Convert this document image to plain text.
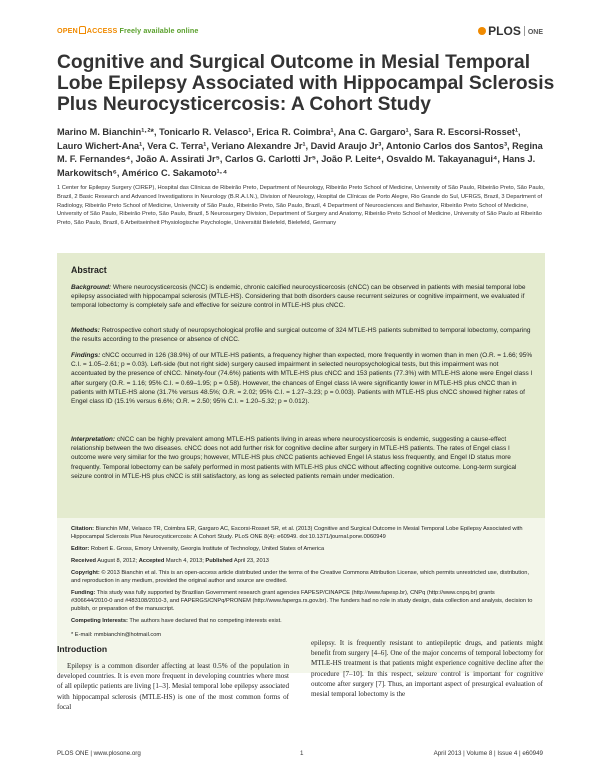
OPEN ACCESS Freely available online	PLOS ONE
Cognitive and Surgical Outcome in Mesial Temporal Lobe Epilepsy Associated with Hippocampal Sclerosis Plus Neurocysticercosis: A Cohort Study
Marino M. Bianchin¹·²*, Tonicarlo R. Velasco¹, Erica R. Coimbra¹, Ana C. Gargaro¹, Sara R. Escorsi-Rosset¹, Lauro Wichert-Ana¹, Vera C. Terra¹, Veriano Alexandre Jr¹, David Araujo Jr³, Antonio Carlos dos Santos³, Regina M. F. Fernandes⁴, João A. Assirati Jr⁵, Carlos G. Carlotti Jr⁵, João P. Leite⁴, Osvaldo M. Takayanagui⁴, Hans J. Markowitsch⁶, Américo C. Sakamoto¹·⁴
1 Center for Epilepsy Surgery (CIREP), Hospital das Clínicas de Ribeirão Preto, Department of Neurology, Ribeirão Preto School of Medicine, University of São Paulo, Ribeirão Preto, São Paulo, Brazil, 2 Basic Research and Advanced Investigations in Neurology (B.R.A.I.N.), Division of Neurology, Hospital de Clínicas de Porto Alegre, Rio Grande do Sul, UFRGS, Brazil, 3 Department of Radiology, Ribeirão Preto School of Medicine, University of São Paulo, Ribeirão Preto, São Paulo, Brazil, 4 Department of Neurosciences and Behavior, Ribeirão Preto School of Medicine, University of São Paulo, Ribeirão Preto, São Paulo, Brazil, 5 Neurosurgery Division, Department of Surgery and Anatomy, Ribeirão Preto School of Medicine, University of São Paulo at Ribeirão Preto, São Paulo, Brazil, 6 Arbeitseinheit Physiologische Psychologie, Universität Bielefeld, Bielefeld, Germany
Abstract
Background: Where neurocysticercosis (NCC) is endemic, chronic calcified neurocysticercosis (cNCC) can be observed in patients with mesial temporal lobe epilepsy associated with hippocampal sclerosis (MTLE-HS). Considering that both disorders cause recurrent seizures or cognitive impairment, we evaluated if temporal lobectomy is completely safe and effective for seizure control in MTLE-HS plus cNCC.
Methods: Retrospective cohort study of neuropsychological profile and surgical outcome of 324 MTLE-HS patients submitted to temporal lobectomy, comparing the results according to the presence or absence of cNCC.
Findings: cNCC occurred in 126 (38.9%) of our MTLE-HS patients, a frequency higher than expected, more frequently in women than in men (O.R. = 1.66; 95% C.I. = 1.05–2.61; p = 0.03). Left-side (but not right side) surgery caused impairment in selected neuropsychological tests, but this impairment was not accentuated by the presence of cNCC. Ninety-four (74.6%) patients with MTLE-HS plus cNCC and 153 patients (77.3%) with MTLE-HS alone were Engel class I after surgery (O.R. = 1.16; 95% C.I. = 0.69–1.95; p = 0.58). However, the chances of Engel class IA were significantly lower in MTLE-HS plus cNCC than in patients with MTLE-HS alone (31.7% versus 48.5%; O.R. = 2.02; 95% C.I. = 1.27–3.23; p = 0.003). Patients with MTLE-HS plus cNCC showed higher rates of Engel class ID (15.1% versus 6.6%; O.R. = 2.50; 95% C.I. = 1.20–5.32; p = 0.012).
Interpretation: cNCC can be highly prevalent among MTLE-HS patients living in areas where neurocysticercosis is endemic, suggesting a cause-effect relationship between the two diseases. cNCC does not add further risk for cognitive decline after surgery in MTLE-HS patients. The rates of Engel class I outcome were very similar for the two groups; however, MTLE-HS plus cNCC patients achieved Engel IA status less frequently, and Engel ID status more frequently. Temporal lobectomy can be safely performed in most patients with MTLE-HS plus cNCC without affecting cognitive outcome. Long-term surgical seizure control in MTLE-HS plus cNCC is still satisfactory, as long as selected patients remain under medication.
Citation: Bianchin MM, Velasco TR, Coimbra ER, Gargaro AC, Escorsi-Rosset SR, et al. (2013) Cognitive and Surgical Outcome in Mesial Temporal Lobe Epilepsy Associated with Hippocampal Sclerosis Plus Neurocysticercosis: A Cohort Study. PLoS ONE 8(4): e60949. doi:10.1371/journal.pone.0060949
Editor: Robert E. Gross, Emory University, Georgia Institute of Technology, United States of America
Received August 8, 2012; Accepted March 4, 2013; Published April 23, 2013
Copyright: © 2013 Bianchin et al. This is an open-access article distributed under the terms of the Creative Commons Attribution License, which permits unrestricted use, distribution, and reproduction in any medium, provided the original author and source are credited.
Funding: This study was fully supported by Brazilian Government research grant agencies FAPESP/CINAPCE (http://www.fapesp.br), CNPq (http://www.cnpq.br) grants #306644/2010-0 and #483108/2010-3, and FAPERGS/CNPq/PRONEM (http://www.fapergs.rs.gov.br). The funders had no role in study design, data collection and analysis, decision to publish, or preparation of the manuscript.
Competing Interests: The authors have declared that no competing interests exist.
* E-mail: mmbianchin@hotmail.com
Introduction

Epilepsy is a common disorder affecting at least 0.5% of the population in developed countries. It is even more frequent in developing countries where most of all epileptic patients are living [1–3]. Mesial temporal lobe epilepsy associated with hippocampal sclerosis (MTLE-HS) is one of the most common forms of focal

epilepsy. It is frequently resistant to antiepileptic drugs, and patients might benefit from surgery [4–6]. One of the major concerns of temporal lobectomy for MTLE-HS treatment is that patients might experience cognitive decline after the procedure [7–10]. In this respect, seizure control is important for cognitive outcome after surgery [7]. Thus, an important aspect of presurgical evaluation of mesial temporal lobectomy is the

PLOS ONE | www.plosone.org	1	April 2013 | Volume 8 | Issue 4 | e60949
